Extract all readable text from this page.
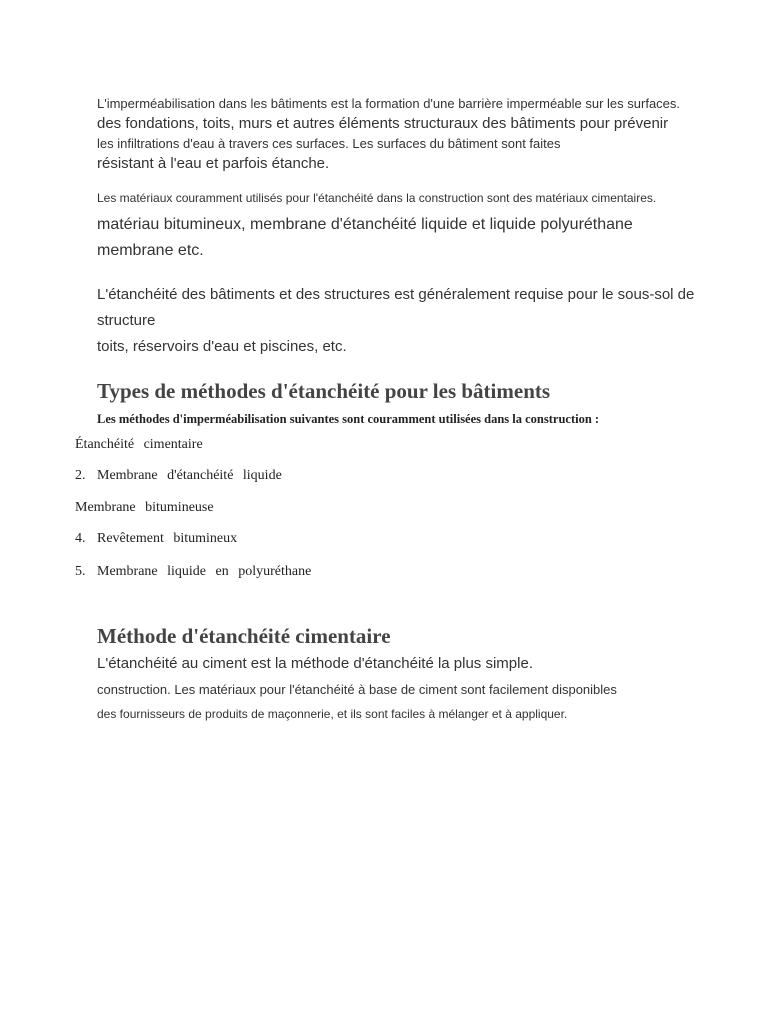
L'imperméabilisation dans les bâtiments est la formation d'une barrière imperméable sur les surfaces.

des fondations, toits, murs et autres éléments structuraux des bâtiments pour prévenir

les infiltrations d'eau à travers ces surfaces. Les surfaces du bâtiment sont faites

résistant à l'eau et parfois étanche.

Les matériaux couramment utilisés pour l'étanchéité dans la construction sont des matériaux cimentaires.

matériau bitumineux, membrane d'étanchéité liquide et liquide polyuréthane

membrane etc.

L'étanchéité des bâtiments et des structures est généralement requise pour le sous-sol de

structure

toits, réservoirs d'eau et piscines, etc.

Types de méthodes d'étanchéité pour les bâtiments

Les méthodes d'imperméabilisation suivantes sont couramment utilisées dans la construction :

Étanchéité cimentaire
2. Membrane d'étanchéité liquide
Membrane bitumineuse
4. Revêtement bitumineux
5. Membrane liquide en polyuréthane
Méthode d'étanchéité cimentaire

L'étanchéité au ciment est la méthode d'étanchéité la plus simple.

construction. Les matériaux pour l'étanchéité à base de ciment sont facilement disponibles

des fournisseurs de produits de maçonnerie, et ils sont faciles à mélanger et à appliquer.
